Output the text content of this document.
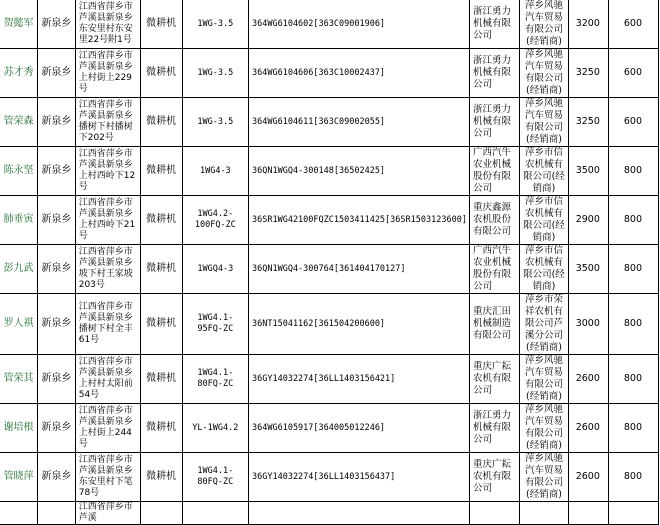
贺懿军	新泉乡	江西省萍乡市芦溪县新泉乡东安里村东安里22号附1号	微耕机	1WG-3.5	364WG6104602[363C09001906]	浙江勇力机械有限公司	萍乡风驰汽车贸易有限公司(经销商)	3200	600
苏才秀	新泉乡	江西省萍乡市芦溪县新泉乡上村街上229号	微耕机	1WG-3.5	364WG6104606[363C10002437]	浙江勇力机械有限公司	萍乡风驰汽车贸易有限公司(经销商)	3250	600
管荣森	新泉乡	江西省萍乡市芦溪县新泉乡播树下村播树下202号	微耕机	1WG-3.5	364WG6104611[363C09002055]	浙江勇力机械有限公司	萍乡风驰汽车贸易有限公司(经销商)	3250	600
陈永坚	新泉乡	江西省萍乡市芦溪县新泉乡上村西岭下12号	微耕机	1WG4-3	36QN1WGQ4-300148[36502425]	广西汽牛农业机械股份有限公司	萍乡市信农机械有限公司(经销商)	3500	800
肺垂寅	新泉乡	江西省萍乡市芦溪县新泉乡上村西岭下21号	微耕机	1WG4.2-100FQ-ZC	36SR1WG42100FQZC1503411425[36SR1503123600]	重庆鑫源农机股份有限公司	萍乡市信农机械有限公司(经销商)	2900	800
彭九武	新泉乡	江西省萍乡市芦溪县新泉乡坡下村王家坡203号	微耕机	1WGQ4-3	36QN1WGQ4-300764[361404170127]	广西汽牛农业机械股份有限公司	萍乡市信农机械有限公司(经销商)	3500	800
罗人祺	新泉乡	江西省萍乡市芦溪县新泉乡播树下村全丰61号	微耕机	1WG4.1-95FQ-ZC	36NT15041162[361504200600]	重庆汇田机械制造有限公司	萍乡市荣祥农机有限公司芦溪分公司(经销商)	3000	800
管荣其	新泉乡	江西省萍乡市芦溪县新泉乡上村村太阳前54号	微耕机	1WG4.1-80FQ-ZC	36GY14032274[36LL1403156421]	重庆广耘农机有限公司	萍乡风驰汽车贸易有限公司(经销商)	2600	800
谢培根	新泉乡	江西省萍乡市芦溪县新泉乡上村街上244号	微耕机	YL-1WG4.2	364WG6105917[364005012246]	浙江勇力机械有限公司	萍乡风驰汽车贸易有限公司(经销商)	2600	800
管晓萍	新泉乡	江西省萍乡市芦溪县新泉乡东安里村下笔78号	微耕机	1WG4.1-80FQ-ZC	36GY14032274[36LL1403156437]	重庆广耘农机有限公司	萍乡风驰汽车贸易有限公司(经销商)	2600	800
		江西省萍乡市芦溪							
